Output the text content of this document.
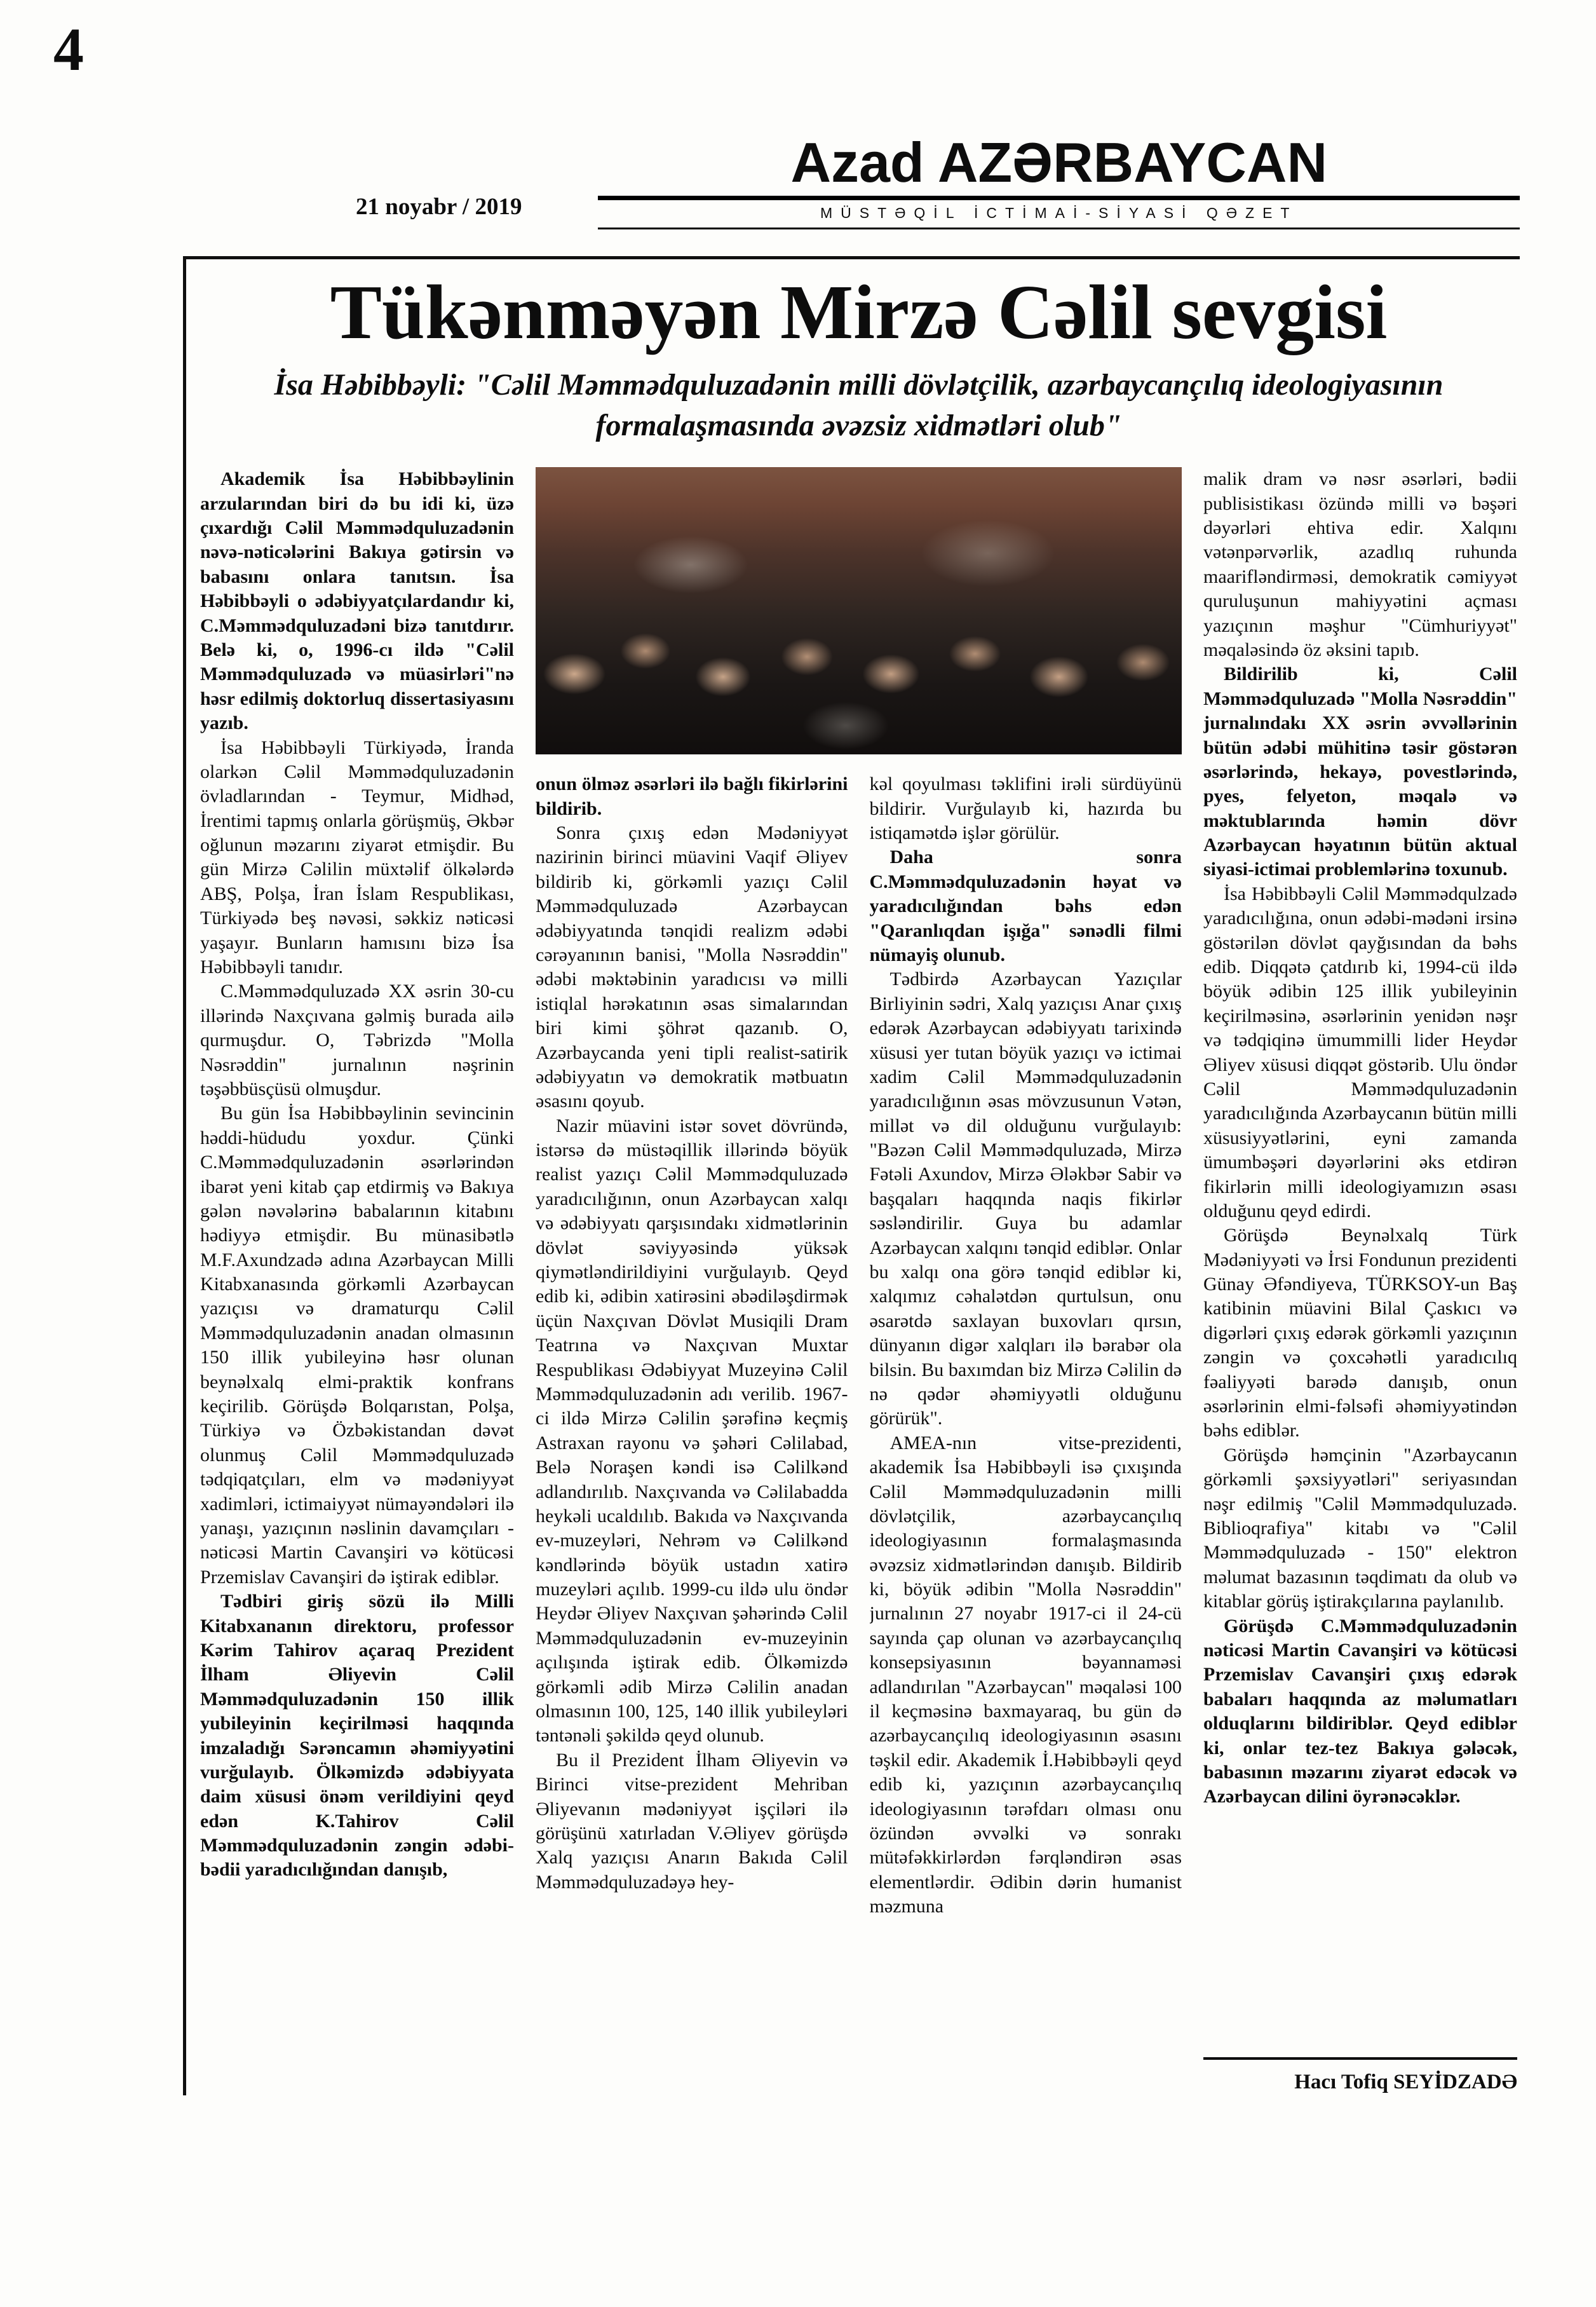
4
21 noyabr / 2019
Azad AZƏRBAYCAN
MÜSTƏQİL İCTİMAİ-SİYASİ QƏZET
Tükənməyən Mirzə Cəlil sevgisi
İsa Həbibbəyli: "Cəlil Məmmədquluzadənin milli dövlətçilik, azərbaycançılıq ideologiyasının formalaşmasında əvəzsiz xidmətləri olub"

Akademik İsa Həbibbəylinin arzularından biri də bu idi ki, üzə çıxardığı Cəlil Məmmədquluzadənin nəvə-nəticələrini Bakıya gətirsin və babasını onlara tanıtsın. İsa Həbibbəyli o ədəbiyyatçılardandır ki, C.Məmmədquluzadəni bizə tanıtdırır. Belə ki, o, 1996-cı ildə "Cəlil Məmmədquluzadə və müasirləri"nə həsr edilmiş doktorluq dissertasiyasını yazıb.

İsa Həbibbəyli Türkiyədə, İranda olarkən Cəlil Məmmədquluzadənin övladlarından - Teymur, Midhəd, İrentimi tapmış onlarla görüşmüş, Əkbər oğlunun məzarını ziyarət etmişdir. Bu gün Mirzə Cəlilin müxtəlif ölkələrdə ABŞ, Polşa, İran İslam Respublikası, Türkiyədə beş nəvəsi, səkkiz nəticəsi yaşayır. Bunların hamısını bizə İsa Həbibbəyli tanıdır.

C.Məmmədquluzadə XX əsrin 30-cu illərində Naxçıvana gəlmiş burada ailə qurmuşdur. O, Təbrizdə "Molla Nəsrəddin" jurnalının nəşrinin təşəbbüsçüsü olmuşdur.

Bu gün İsa Həbibbəylinin sevincinin həddi-hüdudu yoxdur. Çünki C.Məmmədquluzadənin əsərlərindən ibarət yeni kitab çap etdirmiş və Bakıya gələn nəvələrinə babalarının kitabını hədiyyə etmişdir. Bu münasibətlə M.F.Axundzadə adına Azərbaycan Milli Kitabxanasında görkəmli Azərbaycan yazıçısı və dramaturqu Cəlil Məmmədquluzadənin anadan olmasının 150 illik yubileyinə həsr olunan beynəlxalq elmi-praktik konfrans keçirilib. Görüşdə Bolqarıstan, Polşa, Türkiyə və Özbəkistandan dəvət olunmuş Cəlil Məmmədquluzadə tədqiqatçıları, elm və mədəniyyət xadimləri, ictimaiyyət nümayəndələri ilə yanaşı, yazıçının nəslinin davamçıları - nəticəsi Martin Cavanşiri və kötücəsi Przemislav Cavanşiri də iştirak ediblər.

Tədbiri giriş sözü ilə Milli Kitabxananın direktoru, professor Kərim Tahirov açaraq Prezident İlham Əliyevin Cəlil Məmmədquluzadənin 150 illik yubileyinin keçirilməsi haqqında imzaladığı Sərəncamın əhəmiyyətini vurğulayıb. Ölkəmizdə ədəbiyyata daim xüsusi önəm verildiyini qeyd edən K.Tahirov Cəlil Məmmədquluzadənin zəngin ədəbi-bədii yaradıcılığından danışıb,

onun ölməz əsərləri ilə bağlı fikirlərini bildirib.

Sonra çıxış edən Mədəniyyət nazirinin birinci müavini Vaqif Əliyev bildirib ki, görkəmli yazıçı Cəlil Məmmədquluzadə Azərbaycan ədəbiyyatında tənqidi realizm ədəbi cərəyanının banisi, "Molla Nəsrəddin" ədəbi məktəbinin yaradıcısı və milli istiqlal hərəkatının əsas simalarından biri kimi şöhrət qazanıb. O, Azərbaycanda yeni tipli realist-satirik ədəbiyyatın və demokratik mətbuatın əsasını qoyub.

Nazir müavini istər sovet dövründə, istərsə də müstəqillik illərində böyük realist yazıçı Cəlil Məmmədquluzadə yaradıcılığının, onun Azərbaycan xalqı və ədəbiyyatı qarşısındakı xidmətlərinin dövlət səviyyəsində yüksək qiymətləndirildiyini vurğulayıb. Qeyd edib ki, ədibin xatirəsini əbədiləşdirmək üçün Naxçıvan Dövlət Musiqili Dram Teatrına və Naxçıvan Muxtar Respublikası Ədəbiyyat Muzeyinə Cəlil Məmmədquluzadənin adı verilib. 1967-ci ildə Mirzə Cəlilin şərəfinə keçmiş Astraxan rayonu və şəhəri Cəlilabad, Belə Noraşen kəndi isə Cəlilkənd adlandırılıb. Naxçıvanda və Cəlilabadda heykəli ucaldılıb. Bakıda və Naxçıvanda ev-muzeyləri, Nehrəm və Cəlilkənd kəndlərində böyük ustadın xatirə muzeyləri açılıb. 1999-cu ildə ulu öndər Heydər Əliyev Naxçıvan şəhərində Cəlil Məmmədquluzadənin ev-muzeyinin açılışında iştirak edib. Ölkəmizdə görkəmli ədib Mirzə Cəlilin anadan olmasının 100, 125, 140 illik yubileyləri təntənəli şəkildə qeyd olunub.

Bu il Prezident İlham Əliyevin və Birinci vitse-prezident Mehriban Əliyevanın mədəniyyət işçiləri ilə görüşünü xatırladan V.Əliyev görüşdə Xalq yazıçısı Anarın Bakıda Cəlil Məmmədquluzadəyə hey-

kəl qoyulması təklifini irəli sürdüyünü bildirir. Vurğulayıb ki, hazırda bu istiqamətdə işlər görülür.

Daha sonra C.Məmmədquluzadənin həyat və yaradıcılığından bəhs edən "Qaranlıqdan işığa" sənədli filmi nümayiş olunub.

Tədbirdə Azərbaycan Yazıçılar Birliyinin sədri, Xalq yazıçısı Anar çıxış edərək Azərbaycan ədəbiyyatı tarixində xüsusi yer tutan böyük yazıçı və ictimai xadim Cəlil Məmmədquluzadənin yaradıcılığının əsas mövzusunun Vətən, millət və dil olduğunu vurğulayıb: "Bəzən Cəlil Məmmədquluzadə, Mirzə Fətəli Axundov, Mirzə Ələkbər Sabir və başqaları haqqında naqis fikirlər səsləndirilir. Guya bu adamlar Azərbaycan xalqını tənqid ediblər. Onlar bu xalqı ona görə tənqid ediblər ki, xalqımız cəhalətdən qurtulsun, onu əsarətdə saxlayan buxovları qırsın, dünyanın digər xalqları ilə bərabər ola bilsin. Bu baxımdan biz Mirzə Cəlilin də nə qədər əhəmiyyətli olduğunu görürük".

AMEA-nın vitse-prezidenti, akademik İsa Həbibbəyli isə çıxışında Cəlil Məmmədquluzadənin milli dövlətçilik, azərbaycançılıq ideologiyasının formalaşmasında əvəzsiz xidmətlərindən danışıb. Bildirib ki, böyük ədibin "Molla Nəsrəddin" jurnalının 27 noyabr 1917-ci il 24-cü sayında çap olunan və azərbaycançılıq konsepsiyasının bəyannaməsi adlandırılan "Azərbaycan" məqaləsi 100 il keçməsinə baxmayaraq, bu gün də azərbaycançılıq ideologiyasının əsasını təşkil edir. Akademik İ.Həbibbəyli qeyd edib ki, yazıçının azərbaycançılıq ideologiyasının tərəfdarı olması onu özündən əvvəlki və sonrakı mütəfəkkirlərdən fərqləndirən əsas elementlərdir. Ədibin dərin humanist məzmuna

malik dram və nəsr əsərləri, bədii publisistikası özündə milli və bəşəri dəyərləri ehtiva edir. Xalqını vətənpərvərlik, azadlıq ruhunda maarifləndirməsi, demokratik cəmiyyət quruluşunun mahiyyətini açması yazıçının məşhur "Cümhuriyyət" məqaləsində öz əksini tapıb.

Bildirilib ki, Cəlil Məmmədquluzadə "Molla Nəsrəddin" jurnalındakı XX əsrin əvvəllərinin bütün ədəbi mühitinə təsir göstərən əsərlərində, hekayə, povestlərində, pyes, felyeton, məqalə və məktublarında həmin dövr Azərbaycan həyatının bütün aktual siyasi-ictimai problemlərinə toxunub.

İsa Həbibbəyli Cəlil Məmmədqulzadə yaradıcılığına, onun ədəbi-mədəni irsinə göstərilən dövlət qayğısından da bəhs edib. Diqqətə çatdırıb ki, 1994-cü ildə böyük ədibin 125 illik yubileyinin keçirilməsinə, əsərlərinin yenidən nəşr və tədqiqinə ümummilli lider Heydər Əliyev xüsusi diqqət göstərib. Ulu öndər Cəlil Məmmədquluzadənin yaradıcılığında Azərbaycanın bütün milli xüsusiyyətlərini, eyni zamanda ümumbəşəri dəyərlərini əks etdirən fikirlərin milli ideologiyamızın əsası olduğunu qeyd edirdi.

Görüşdə Beynəlxalq Türk Mədəniyyəti və İrsi Fondunun prezidenti Günay Əfəndiyeva, TÜRKSOY-un Baş katibinin müavini Bilal Çaskıcı və digərləri çıxış edərək görkəmli yazıçının zəngin və çoxcəhətli yaradıcılıq fəaliyyəti barədə danışıb, onun əsərlərinin elmi-fəlsəfi əhəmiyyətindən bəhs ediblər.

Görüşdə həmçinin "Azərbaycanın görkəmli şəxsiyyətləri" seriyasından nəşr edilmiş "Cəlil Məmmədquluzadə. Biblioqrafiya" kitabı və "Cəlil Məmmədquluzadə - 150" elektron məlumat bazasının təqdimatı da olub və kitablar görüş iştirakçılarına paylanılıb.

Görüşdə C.Məmmədquluzadənin nəticəsi Martin Cavanşiri və kötücəsi Przemislav Cavanşiri çıxış edərək babaları haqqında az məlumatları olduqlarını bildiriblər. Qeyd ediblər ki, onlar tez-tez Bakıya gələcək, babasının məzarını ziyarət edəcək və Azərbaycan dilini öyrənəcəklər.

Hacı Tofiq SEYİDZADƏ
